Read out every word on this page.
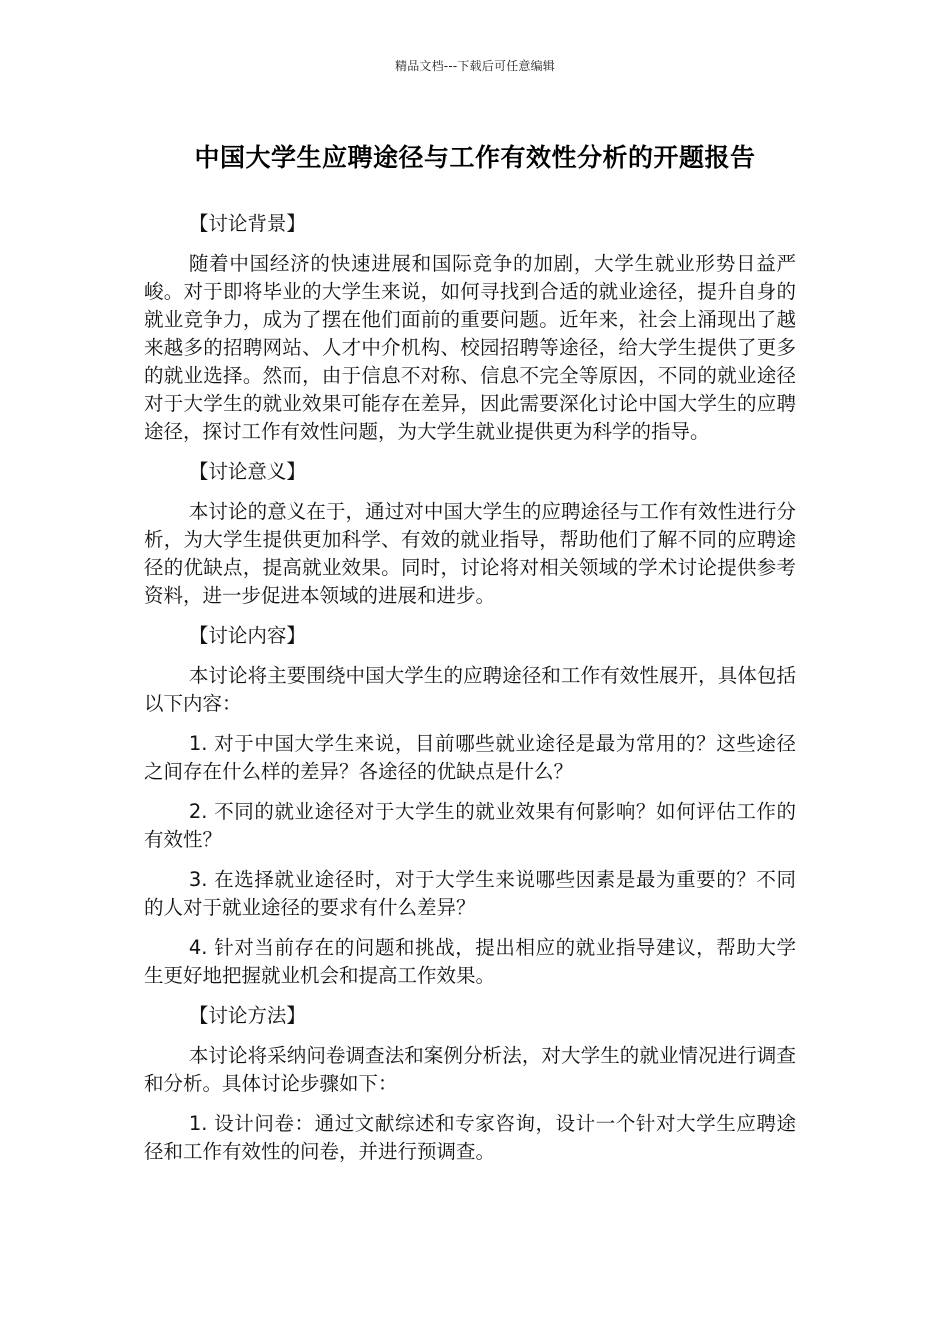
精品文档---下载后可任意编辑
中国大学生应聘途径与工作有效性分析的开题报告

【讨论背景】

随着中国经济的快速进展和国际竞争的加剧，大学生就业形势日益严峻。对于即将毕业的大学生来说，如何寻找到合适的就业途径，提升自身的就业竞争力，成为了摆在他们面前的重要问题。近年来，社会上涌现出了越来越多的招聘网站、人才中介机构、校园招聘等途径，给大学生提供了更多的就业选择。然而，由于信息不对称、信息不完全等原因，不同的就业途径对于大学生的就业效果可能存在差异，因此需要深化讨论中国大学生的应聘途径，探讨工作有效性问题，为大学生就业提供更为科学的指导。

【讨论意义】

本讨论的意义在于，通过对中国大学生的应聘途径与工作有效性进行分析，为大学生提供更加科学、有效的就业指导，帮助他们了解不同的应聘途径的优缺点，提高就业效果。同时，讨论将对相关领域的学术讨论提供参考资料，进一步促进本领域的进展和进步。

【讨论内容】

本讨论将主要围绕中国大学生的应聘途径和工作有效性展开，具体包括以下内容：

1. 对于中国大学生来说，目前哪些就业途径是最为常用的？这些途径之间存在什么样的差异？各途径的优缺点是什么？

2. 不同的就业途径对于大学生的就业效果有何影响？如何评估工作的有效性？

3. 在选择就业途径时，对于大学生来说哪些因素是最为重要的？不同的人对于就业途径的要求有什么差异？

4. 针对当前存在的问题和挑战，提出相应的就业指导建议，帮助大学生更好地把握就业机会和提高工作效果。

【讨论方法】

本讨论将采纳问卷调查法和案例分析法，对大学生的就业情况进行调查和分析。具体讨论步骤如下：

1. 设计问卷：通过文献综述和专家咨询，设计一个针对大学生应聘途径和工作有效性的问卷，并进行预调查。
